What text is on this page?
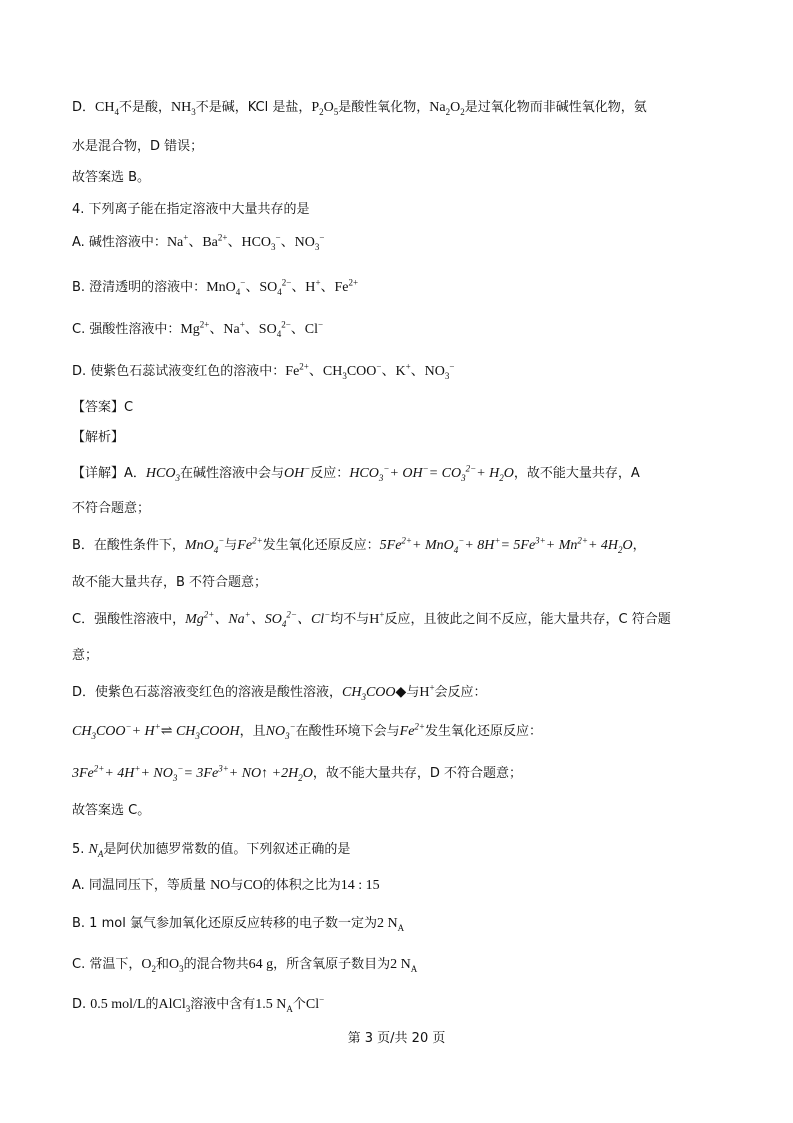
D．$CH_4$不是酸，$NH_3$不是碱，KCl 是盐，$P_2O_5$是酸性氧化物，$Na_2O_2$是过氧化物而非碱性氧化物，氨
水是混合物，D 错误；
故答案选 B。
4. 下列离子能在指定溶液中大量共存的是
A. 碱性溶液中：Na+、$Ba^{2+}$、$HCO_3^-$、$NO_3^-$
B. 澄清透明的溶液中：MnO$_4$−、$SO_4^{2-}$、H+、$Fe^{2+}$
C. 强酸性溶液中：$Mg^{2+}$、Na+、$SO_4^{2-}$、Cl−
D. 使紫色石蕊试液变红色的溶液中：$Fe^{2+}$、$CH_3COO^-$、K+、$NO_3^-$
【答案】C
【解析】
【详解】A．$HCO_3$在碱性溶液中会与OH−反应：$HCO_3^-+ OH^-= CO_3^{2-}+ H_2O$，故不能大量共存，A
不符合题意；
B．在酸性条件下，MnO$_4$−与$Fe^{2+}$发生氧化还原反应：$5Fe^{2+}+ MnO_4^-+ 8H^+= 5Fe^{3+}+ Mn^{2+}+ 4H_2O$，
故不能大量共存，B 不符合题意；
C．强酸性溶液中，$Mg^{2+}$、Na+、$SO_4^{2-}$、Cl−均不与H+反应，且彼此之间不反应，能大量共存，C 符合题
意；
D．使紫色石蕊溶液变红色的溶液是酸性溶液，$CH_3COO◆$与H+会反应：
$CH_3COO^-+$ H+⇌ $CH_3COOH$，且$NO_3^-$在酸性环境下会与$Fe^{2+}$发生氧化还原反应：
$3Fe^{2+}+ 4H^++ NO_3^-= 3Fe^{3+}+$ NO↑ $+2H_2O$，故不能大量共存，D 不符合题意；
故答案选 C。
5. $N_A$是阿伏加德罗常数的值。下列叙述正确的是
A. 同温同压下，等质量 NO与CO的体积之比为14 : 15
B. 1 mol 氯气参加氧化还原反应转移的电子数一定为2 $N_A$
C. 常温下，$O_2$和$O_3$的混合物共64 g，所含氧原子数目为2 $N_A$
D. 0.5 mol/L的AlCl$_3$溶液中含有1.5 $N_A$个Cl−
第 3 页/共 20 页
